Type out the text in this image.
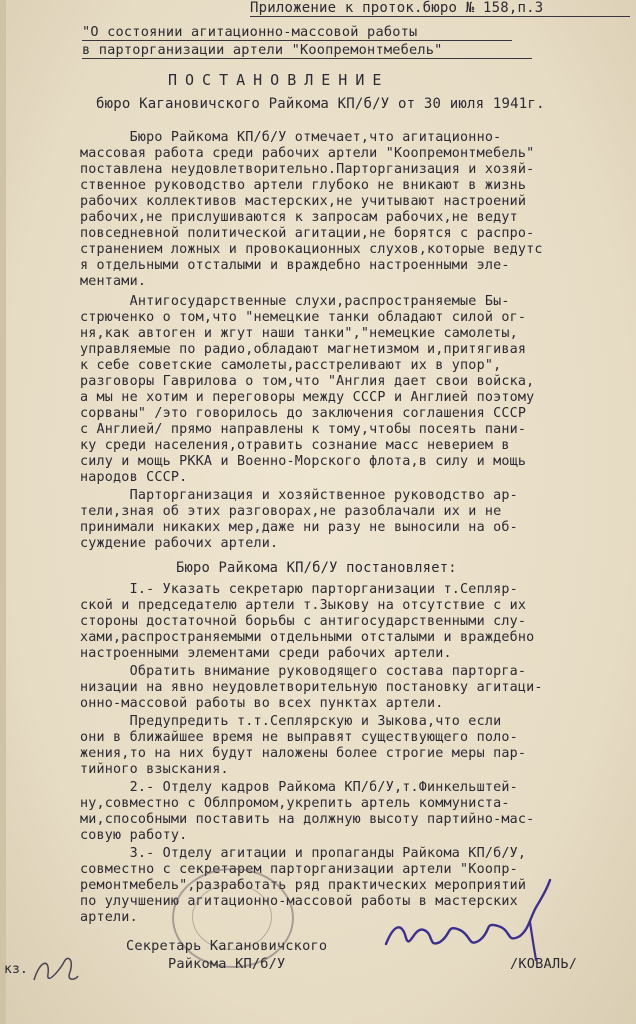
Приложение к проток.бюро № 158,п.3
"О состоянии агитационно-массовой работы
в парторганизации артели "Коопремонтмебель"
ПОСТАНОВЛЕНИЕ
бюро Кагановичского Райкома КП/б/У от 30 июля 1941г.
Бюро Райкома КП/б/У отмечает,что агитационно-
массовая работа среди рабочих артели "Коопремонтмебель"
поставлена неудовлетворительно.Парторганизация и хозяй-
ственное руководство артели глубоко не вникают в жизнь
рабочих коллективов мастерских,не учитывают настроений
рабочих,не прислушиваются к запросам рабочих,не ведут
повседневной политической агитации,не борятся с распро-
странением ложных и провокационных слухов,которые ведутс
я отдельными отсталыми и враждебно настроенными эле-
ментами.
Антигосударственные слухи,распространяемые Бы-
стрюченко о том,что "немецкие танки обладают силой ог-
ня,как автоген и жгут наши танки","немецкие самолеты,
управляемые по радио,обладают магнетизмом и,притягивая
к себе советские самолеты,расстреливают их в упор",
разговоры Гаврилова о том,что "Англия дает свои войска,
а мы не хотим и переговоры между СССР и Англией поэтому
сорваны" /это говорилось до заключения соглашения СССР
с Англией/ прямо направлены к тому,чтобы посеять пани-
ку среди населения,отравить сознание масс неверием в
силу и мощь РККА и Военно-Морского флота,в силу и мощь
народов СССР.
Парторганизация и хозяйственное руководство ар-
тели,зная об этих разговорах,не разоблачали их и не
принимали никаких мер,даже ни разу не выносили на об-
суждение рабочих артели.
Бюро Райкома КП/б/У постановляет:
I.- Указать секретарю парторганизации т.Сепляр-
ской и председателю артели т.Зыкову на отсутствие с их
стороны достаточной борьбы с антигосударственными слу-
хами,распространяемыми отдельными отсталыми и враждебно
настроенными элементами среди рабочих артели.
Обратить внимание руководящего состава парторга-
низации на явно неудовлетворительную постановку агитаци-
онно-массовой работы во всех пунктах артели.
Предупредить т.т.Сеплярскую и Зыкова,что если
они в ближайшее время не выправят существующего поло-
жения,то на них будут наложены более строгие меры пар-
тийного взыскания.
2.- Отделу кадров Райкома КП/б/У,т.Финкельштей-
ну,совместно с Облпромом,укрепить артель коммуниста-
ми,способными поставить на должную высоту партийно-мас-
совую работу.
3.- Отделу агитации и пропаганды Райкома КП/б/У,
совместно с секретарем парторганизации артели "Коопр-
ремонтмебель",разработать ряд практических мероприятий
по улучшению агитационно-массовой работы в мастерских
артели.
Секретарь Кагановичского
Райкома КП/б/У	/КОВАЛЬ/
кз.
